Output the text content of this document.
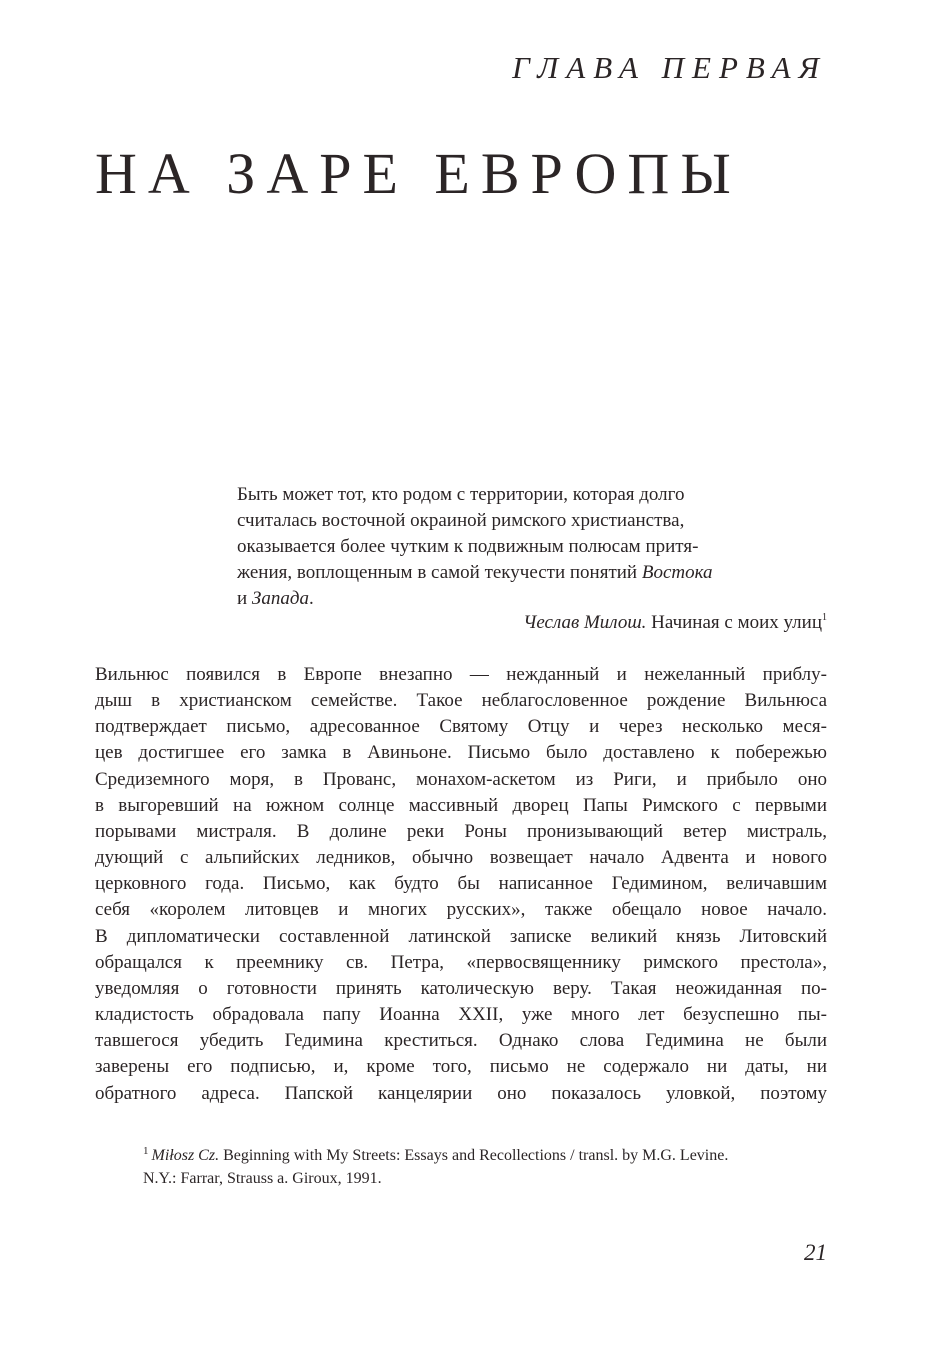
ГЛАВА ПЕРВАЯ
НА ЗАРЕ ЕВРОПЫ
Быть может тот, кто родом с территории, которая долго
считалась восточной окраиной римского христианства,
оказывается более чутким к подвижным полюсам притя-
жения, воплощенным в самой текучести понятий Востока
и Запада.
Чеслав Милош. Начиная с моих улиц$^1$
Вильнюс появился в Европе внезапно — нежданный и нежеланный приблу-
дыш в христианском семействе. Такое неблагословенное рождение Вильнюса
подтверждает письмо, адресованное Святому Отцу и через несколько меся-
цев достигшее его замка в Авиньоне. Письмо было доставлено к побережью
Средиземного моря, в Прованс, монахом-аскетом из Риги, и прибыло оно
в выгоревший на южном солнце массивный дворец Папы Римского с первыми
порывами мистраля. В долине реки Роны пронизывающий ветер мистраль,
дующий с альпийских ледников, обычно возвещает начало Адвента и нового
церковного года. Письмо, как будто бы написанное Гедимином, величавшим
себя «королем литовцев и многих русских», также обещало новое начало.
В дипломатически составленной латинской записке великий князь Литовский
обращался к преемнику св. Петра, «первосвященнику римского престола»,
уведомляя о готовности принять католическую веру. Такая неожиданная по-
кладистость обрадовала папу Иоанна XXII, уже много лет безуспешно пы-
тавшегося убедить Гедимина креститься. Однако слова Гедимина не были
заверены его подписью, и, кроме того, письмо не содержало ни даты, ни
обратного адреса. Папской канцелярии оно показалось уловкой, поэтому
$^1$ Miłosz Cz. Beginning with My Streets: Essays and Recollections / transl. by M.G. Levine.
N.Y.: Farrar, Strauss a. Giroux, 1991.
21
